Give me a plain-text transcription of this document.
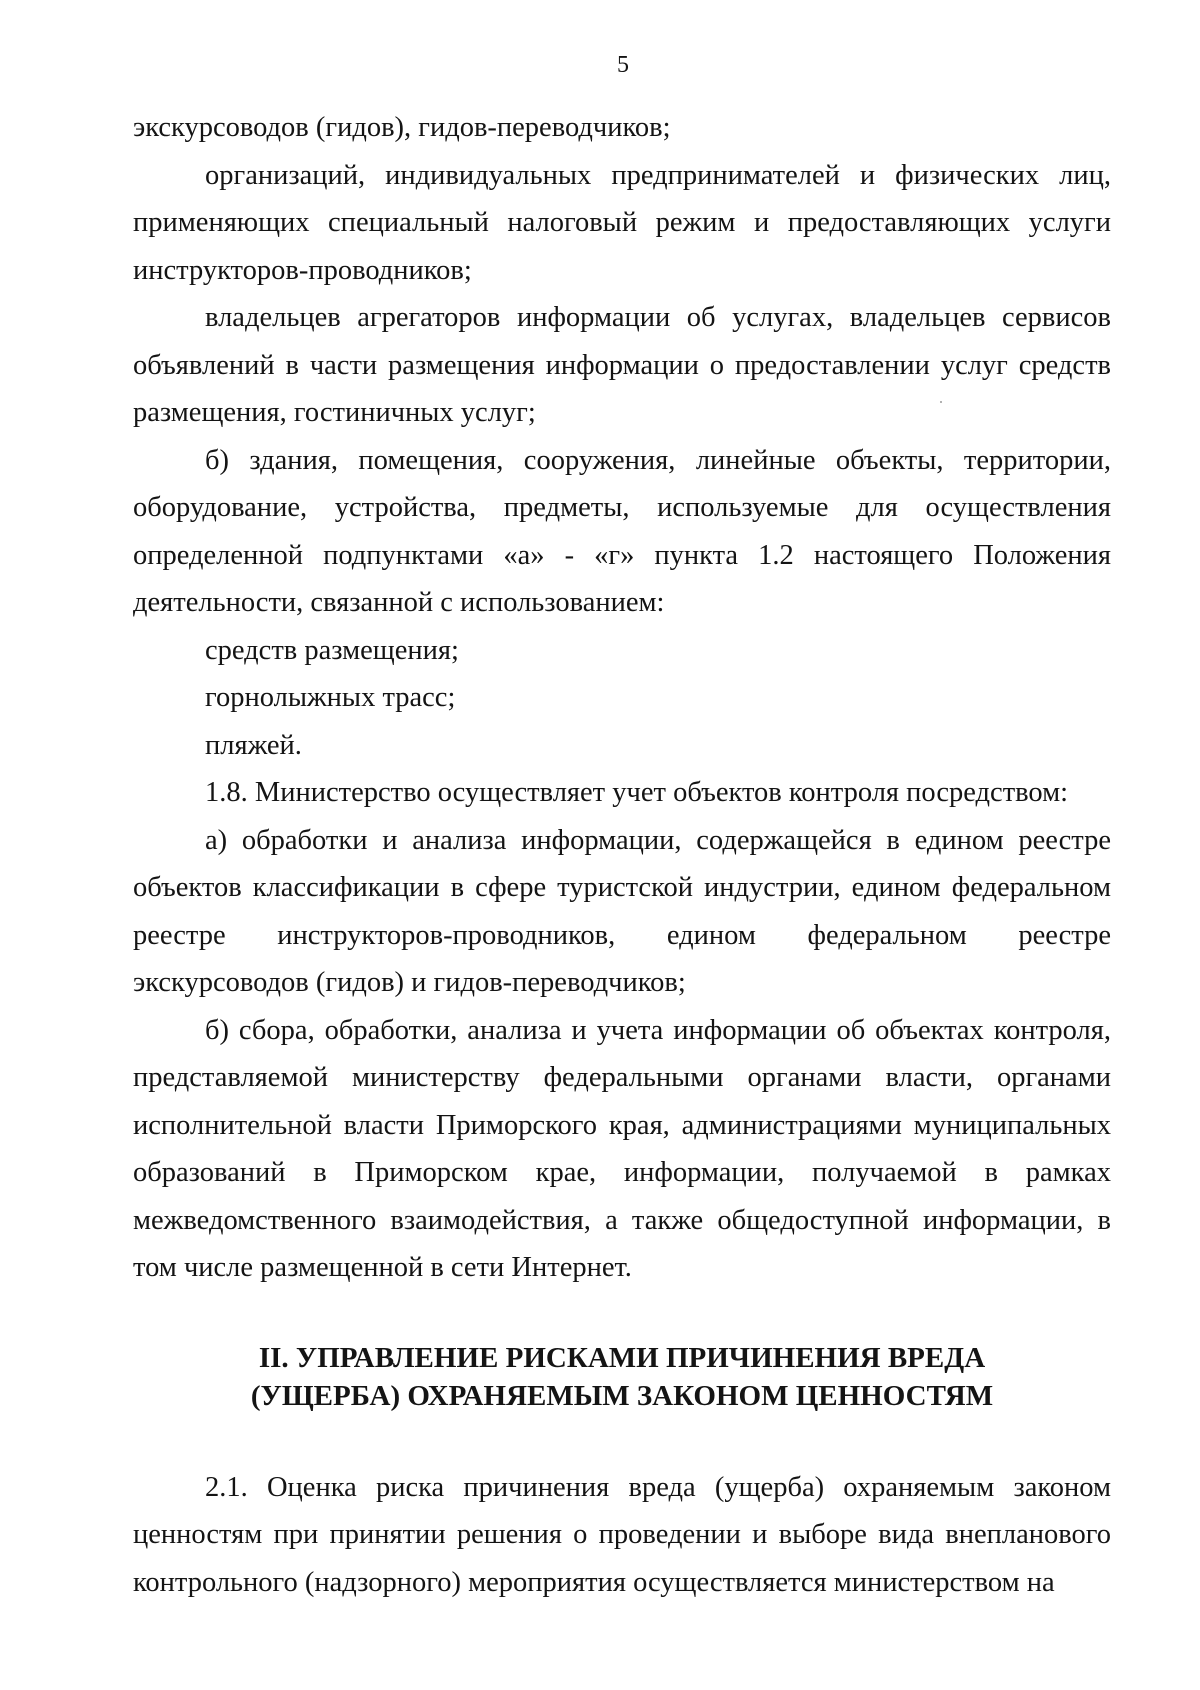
5

экскурсоводов (гидов), гидов-переводчиков;

организаций, индивидуальных предпринимателей и физических лиц, применяющих специальный налоговый режим и предоставляющих услуги инструкторов-проводников;

владельцев агрегаторов информации об услугах, владельцев сервисов объявлений в части размещения информации о предоставлении услуг средств размещения, гостиничных услуг;

б) здания, помещения, сооружения, линейные объекты, территории, оборудование, устройства, предметы, используемые для осуществления определенной подпунктами «а» - «г» пункта 1.2 настоящего Положения деятельности, связанной с использованием:

средств размещения;

горнолыжных трасс;

пляжей.

1.8. Министерство осуществляет учет объектов контроля посредством:

а) обработки и анализа информации, содержащейся в едином реестре объектов классификации в сфере туристской индустрии, едином федеральном реестре инструкторов-проводников, едином федеральном реестре экскурсоводов (гидов) и гидов-переводчиков;

б) сбора, обработки, анализа и учета информации об объектах контроля, представляемой министерству федеральными органами власти, органами исполнительной власти Приморского края, администрациями муниципальных образований в Приморском крае, информации, получаемой в рамках межведомственного взаимодействия, а также общедоступной информации, в том числе размещенной в сети Интернет.

II. УПРАВЛЕНИЕ РИСКАМИ ПРИЧИНЕНИЯ ВРЕДА
(УЩЕРБА) ОХРАНЯЕМЫМ ЗАКОНОМ ЦЕННОСТЯМ

2.1. Оценка риска причинения вреда (ущерба) охраняемым законом ценностям при принятии решения о проведении и выборе вида внепланового контрольного (надзорного) мероприятия осуществляется министерством на
